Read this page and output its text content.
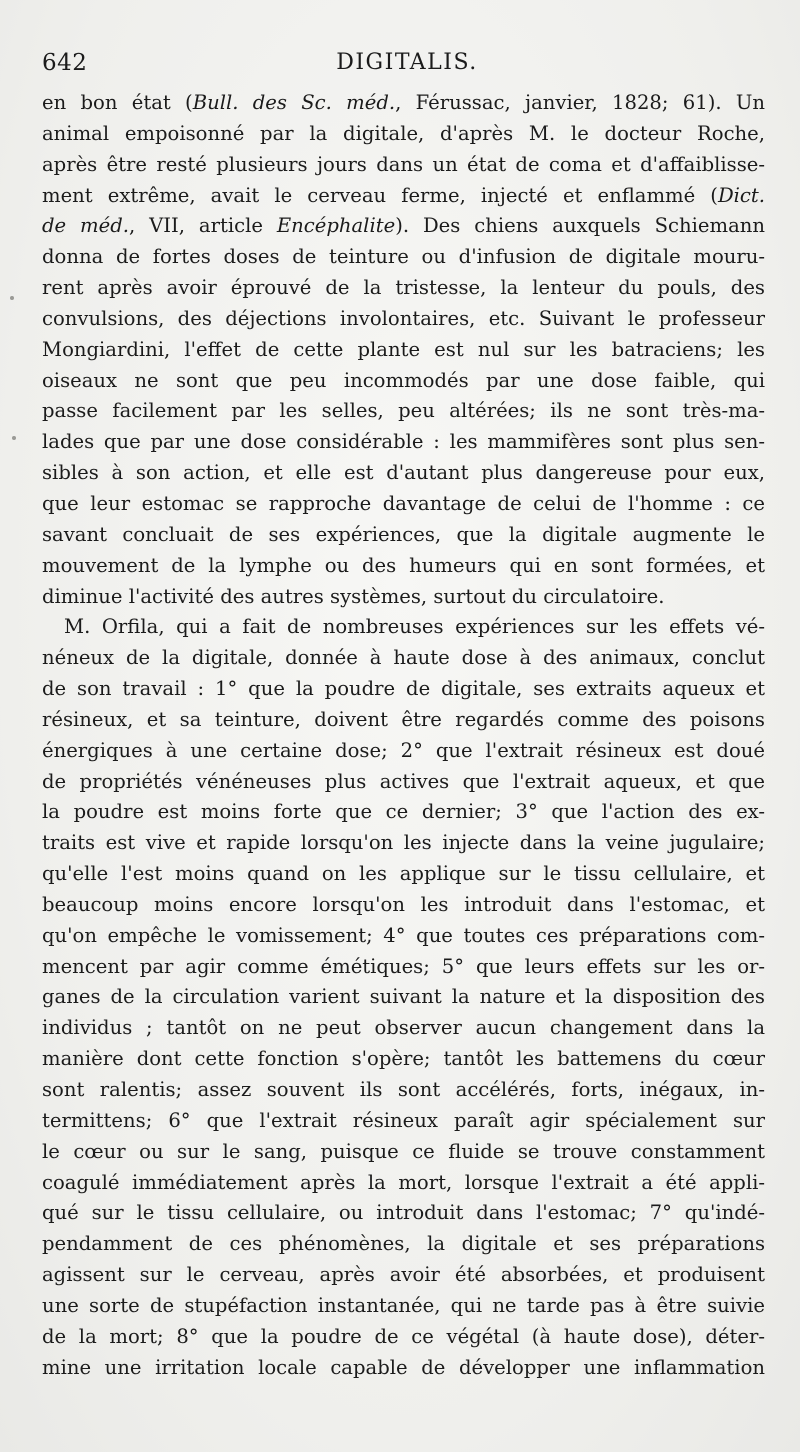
642	DIGITALIS.
en bon état (Bull. des Sc. méd., Férussac, janvier, 1828; 61). Un
animal empoisonné par la digitale, d'après M. le docteur Roche,
après être resté plusieurs jours dans un état de coma et d'affaiblisse-
ment extrême, avait le cerveau ferme, injecté et enflammé (Dict.
de méd., VII, article Encéphalite). Des chiens auxquels Schiemann
donna de fortes doses de teinture ou d'infusion de digitale mouru-
rent après avoir éprouvé de la tristesse, la lenteur du pouls, des
convulsions, des déjections involontaires, etc. Suivant le professeur
Mongiardini, l'effet de cette plante est nul sur les batraciens; les
oiseaux ne sont que peu incommodés par une dose faible, qui
passe facilement par les selles, peu altérées; ils ne sont très-ma-
lades que par une dose considérable : les mammifères sont plus sen-
sibles à son action, et elle est d'autant plus dangereuse pour eux,
que leur estomac se rapproche davantage de celui de l'homme : ce
savant concluait de ses expériences, que la digitale augmente le
mouvement de la lymphe ou des humeurs qui en sont formées, et
diminue l'activité des autres systèmes, surtout du circulatoire.
M. Orfila, qui a fait de nombreuses expériences sur les effets vé-
néneux de la digitale, donnée à haute dose à des animaux, conclut
de son travail : 1° que la poudre de digitale, ses extraits aqueux et
résineux, et sa teinture, doivent être regardés comme des poisons
énergiques à une certaine dose; 2° que l'extrait résineux est doué
de propriétés vénéneuses plus actives que l'extrait aqueux, et que
la poudre est moins forte que ce dernier; 3° que l'action des ex-
traits est vive et rapide lorsqu'on les injecte dans la veine jugulaire;
qu'elle l'est moins quand on les applique sur le tissu cellulaire, et
beaucoup moins encore lorsqu'on les introduit dans l'estomac, et
qu'on empêche le vomissement; 4° que toutes ces préparations com-
mencent par agir comme émétiques; 5° que leurs effets sur les or-
ganes de la circulation varient suivant la nature et la disposition des
individus ; tantôt on ne peut observer aucun changement dans la
manière dont cette fonction s'opère; tantôt les battemens du cœur
sont ralentis; assez souvent ils sont accélérés, forts, inégaux, in-
termittens; 6° que l'extrait résineux paraît agir spécialement sur
le cœur ou sur le sang, puisque ce fluide se trouve constamment
coagulé immédiatement après la mort, lorsque l'extrait a été appli-
qué sur le tissu cellulaire, ou introduit dans l'estomac; 7° qu'indé-
pendamment de ces phénomènes, la digitale et ses préparations
agissent sur le cerveau, après avoir été absorbées, et produisent
une sorte de stupéfaction instantanée, qui ne tarde pas à être suivie
de la mort; 8° que la poudre de ce végétal (à haute dose), déter-
mine une irritation locale capable de développer une inflammation
